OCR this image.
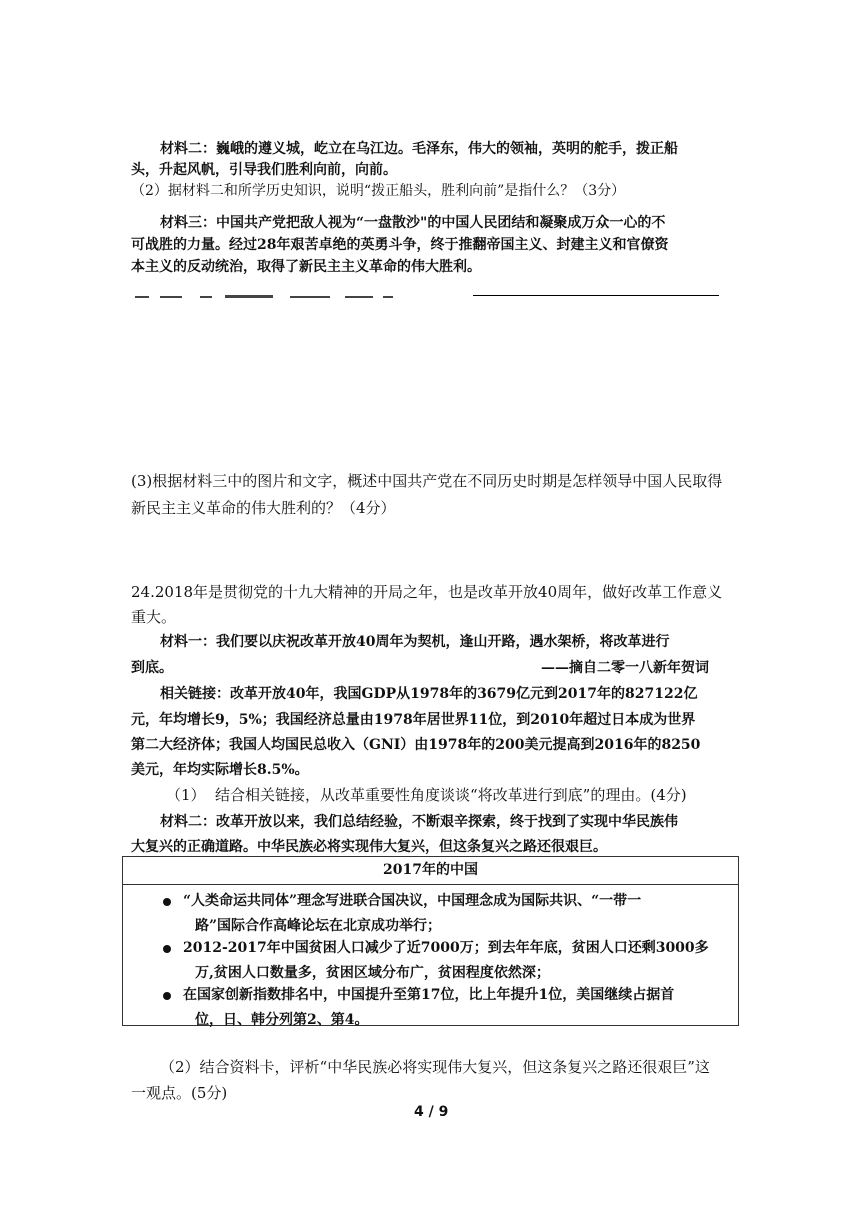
材料二：巍峨的遵义城，屹立在乌江边。毛泽东，伟大的领袖，英明的舵手，拨正船
头，升起风帆，引导我们胜利向前，向前。
（2）据材料二和所学历史知识，说明“拨正船头，胜利向前”是指什么？（3分）
材料三：中国共产党把敌人视为“一盘散沙"的中国人民团结和凝聚成万众一心的不
可战胜的力量。经过28年艰苦卓绝的英勇斗争，终于推翻帝国主义、封建主义和官僚资
本主义的反动统治，取得了新民主主义革命的伟大胜利。
(3)根据材料三中的图片和文字，概述中国共产党在不同历史时期是怎样领导中国人民取得
新民主主义革命的伟大胜利的？（4分）
24.2018年是贯彻党的十九大精神的开局之年，也是改革开放40周年，做好改革工作意义
重大。
材料一：我们要以庆祝改革开放40周年为契机，逢山开路，遇水架桥，将改革进行
到底。	——摘自二零一八新年贺词
相关链接：改革开放40年，我国GDP从1978年的3679亿元到2017年的827122亿
元，年均增长9，5%；我国经济总量由1978年居世界11位，到2010年超过日本成为世界
第二大经济体；我国人均国民总收入（GNI）由1978年的200美元提高到2016年的8250
美元，年均实际增长8.5%。
（1） 结合相关链接，从改革重要性角度谈谈“将改革进行到底”的理由。(4分)
材料二：改革开放以来，我们总结经验，不断艰辛探索，终于找到了实现中华民族伟
大复兴的正确道路。中华民族必将实现伟大复兴，但这条复兴之路还很艰巨。
2017年的中国

“人类命运共同体”理念写进联合国决议，中国理念成为国际共识、“一带一
路”国际合作高峰论坛在北京成功举行；
2012-2017年中国贫困人口减少了近7000万；到去年年底，贫困人口还剩3000多
万,贫困人口数量多，贫困区域分布广，贫困程度依然深；
在国家创新指数排名中，中国提升至第17位，比上年提升1位，美国继续占据首
位，日、韩分列第2、第4。
（2）结合资料卡，评析“中华民族必将实现伟大复兴，但这条复兴之路还很艰巨”这
一观点。(5分)
4 / 9
